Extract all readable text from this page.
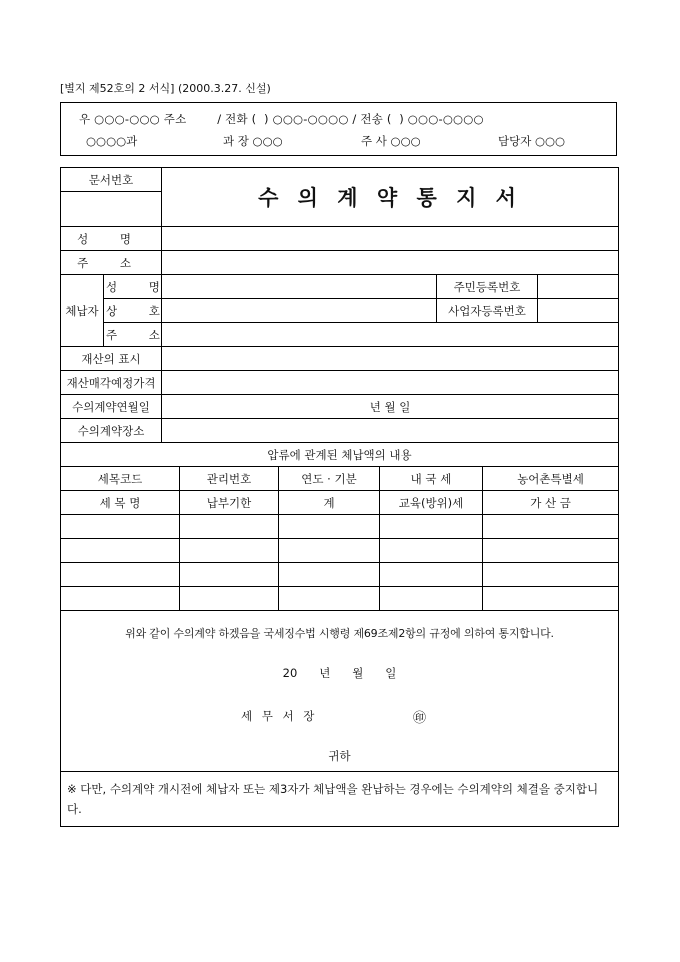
[별지 제52호의 2 서식] (2000.3.27. 신설)
우 ○○○-○○○ 주소        / 전화 (  ) ○○○-○○○○ / 전송 (  ) ○○○-○○○○
○○○○과	과 장 ○○○	주 사 ○○○	담당자 ○○○
문서번호		수 의 계 약 통 지 서						

성 명								
주 소								
체납자	성 명					주민등록번호		
	상 호					사업자등록번호		
	주 소							
재산의 표시								
재산매각예정가격								
수의계약연월일		년 월 일						
수의계약장소								
압류에 관계된 체납액의 내용								
세목코드			관리번호	연도 · 기분	내 국 세		농어촌특별세	
세 목 명			납부기한	계	교육(방위)세		가 산 금	

위와 같이 수의계약 하겠음을 국세징수법 시행령 제69조제2항의 규정에 의하여 통지합니다.
20      년      월      일
세 무 서 장 ㊞
귀하								

※ 다만, 수의계약 개시전에 체납자 또는 제3자가 체납액을 완납하는 경우에는 수의계약의 체결을 중지합니다.								
